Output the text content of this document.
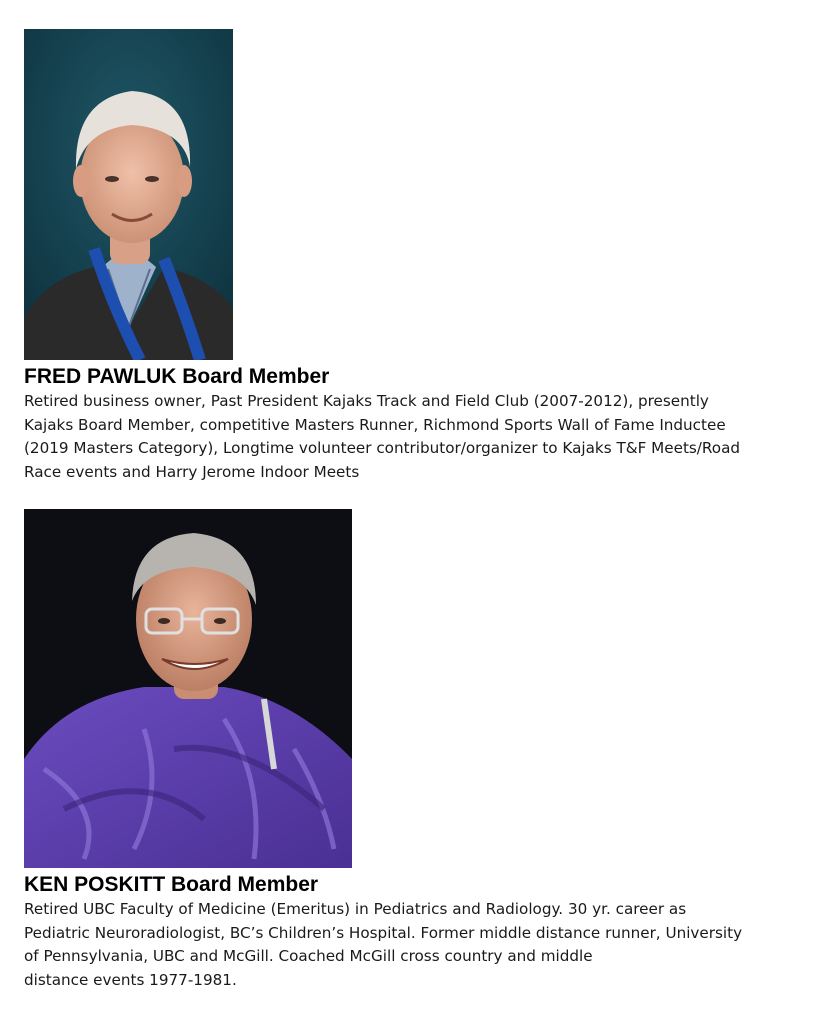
FRED PAWLUK Board Member

Retired business owner, Past President Kajaks Track and Field Club (2007-2012), presently
Kajaks Board Member, competitive Masters Runner, Richmond Sports Wall of Fame Inductee
(2019 Masters Category), Longtime volunteer contributor/organizer to Kajaks T&F Meets/Road
Race events and Harry Jerome Indoor Meets

KEN POSKITT Board Member

Retired UBC Faculty of Medicine (Emeritus) in Pediatrics and Radiology. 30 yr. career as
Pediatric Neuroradiologist, BC’s Children’s Hospital. Former middle distance runner, University
of Pennsylvania, UBC and McGill. Coached McGill cross country and middle
distance events 1977-1981.
